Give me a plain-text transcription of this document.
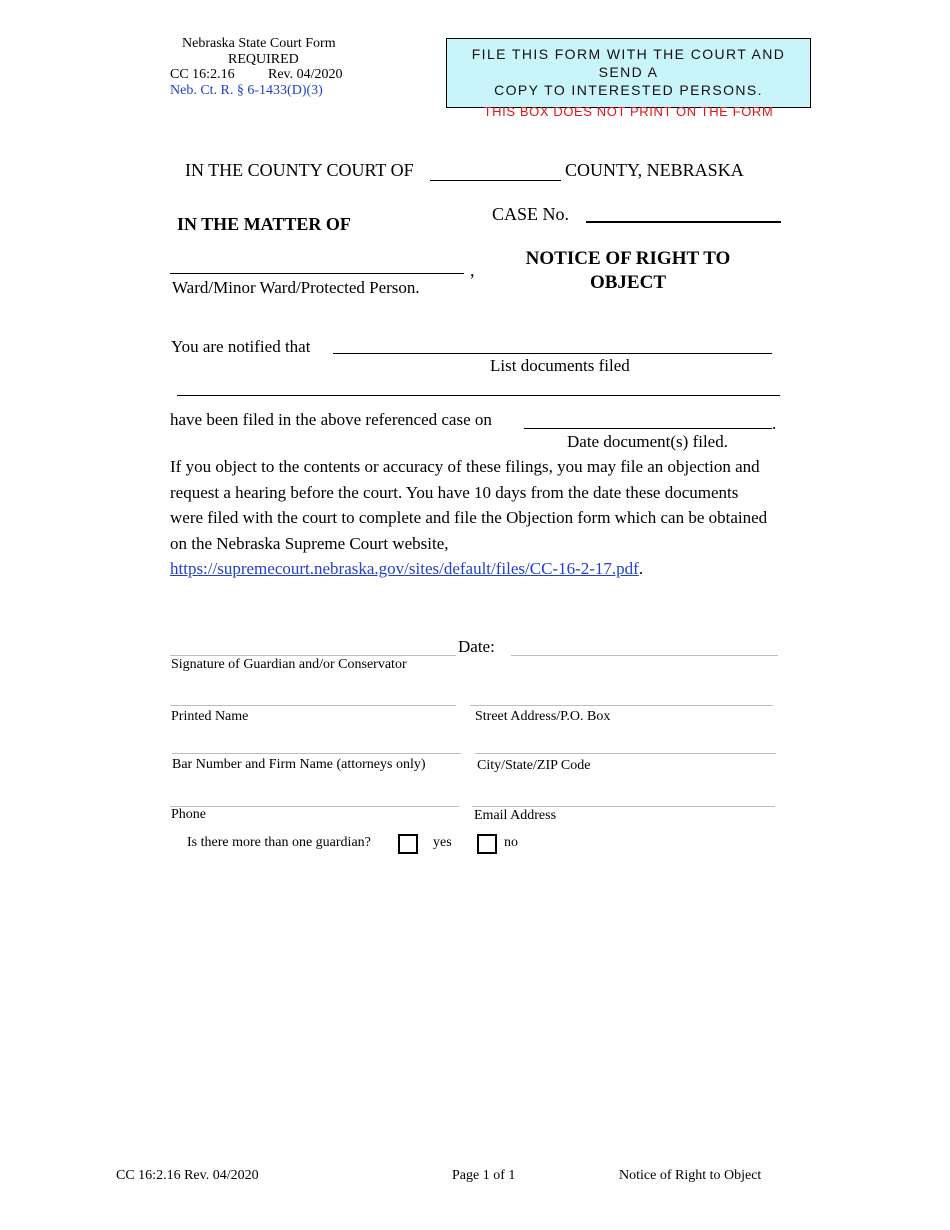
Nebraska State Court Form
REQUIRED
CC 16:2.16 Rev. 04/2020
Neb. Ct. R. § 6-1433(D)(3)
FILE THIS FORM WITH THE COURT AND SEND A
COPY TO INTERESTED PERSONS.
THIS BOX DOES NOT PRINT ON THE FORM
IN THE COUNTY COURT OF	COUNTY, NEBRASKA
IN THE MATTER OF	CASE No.
,
Ward/Minor Ward/Protected Person.
NOTICE OF RIGHT TO
OBJECT
You are notified that
List documents filed
have been filed in the above referenced case on	.
Date document(s) filed.
If you object to the contents or accuracy of these filings, you may file an objection and request a hearing before the court. You have 10 days from the date these documents were filed with the court to complete and file the Objection form which can be obtained on the Nebraska Supreme Court website, https://supremecourt.nebraska.gov/sites/default/files/CC-16-2-17.pdf.
Date:
Signature of Guardian and/or Conservator
Printed Name	Street Address/P.O. Box
Bar Number and Firm Name (attorneys only)	City/State/ZIP Code
Phone	Email Address
Is there more than one guardian?	yes	no
CC 16:2.16 Rev. 04/2020	Page 1 of 1	Notice of Right to Object
